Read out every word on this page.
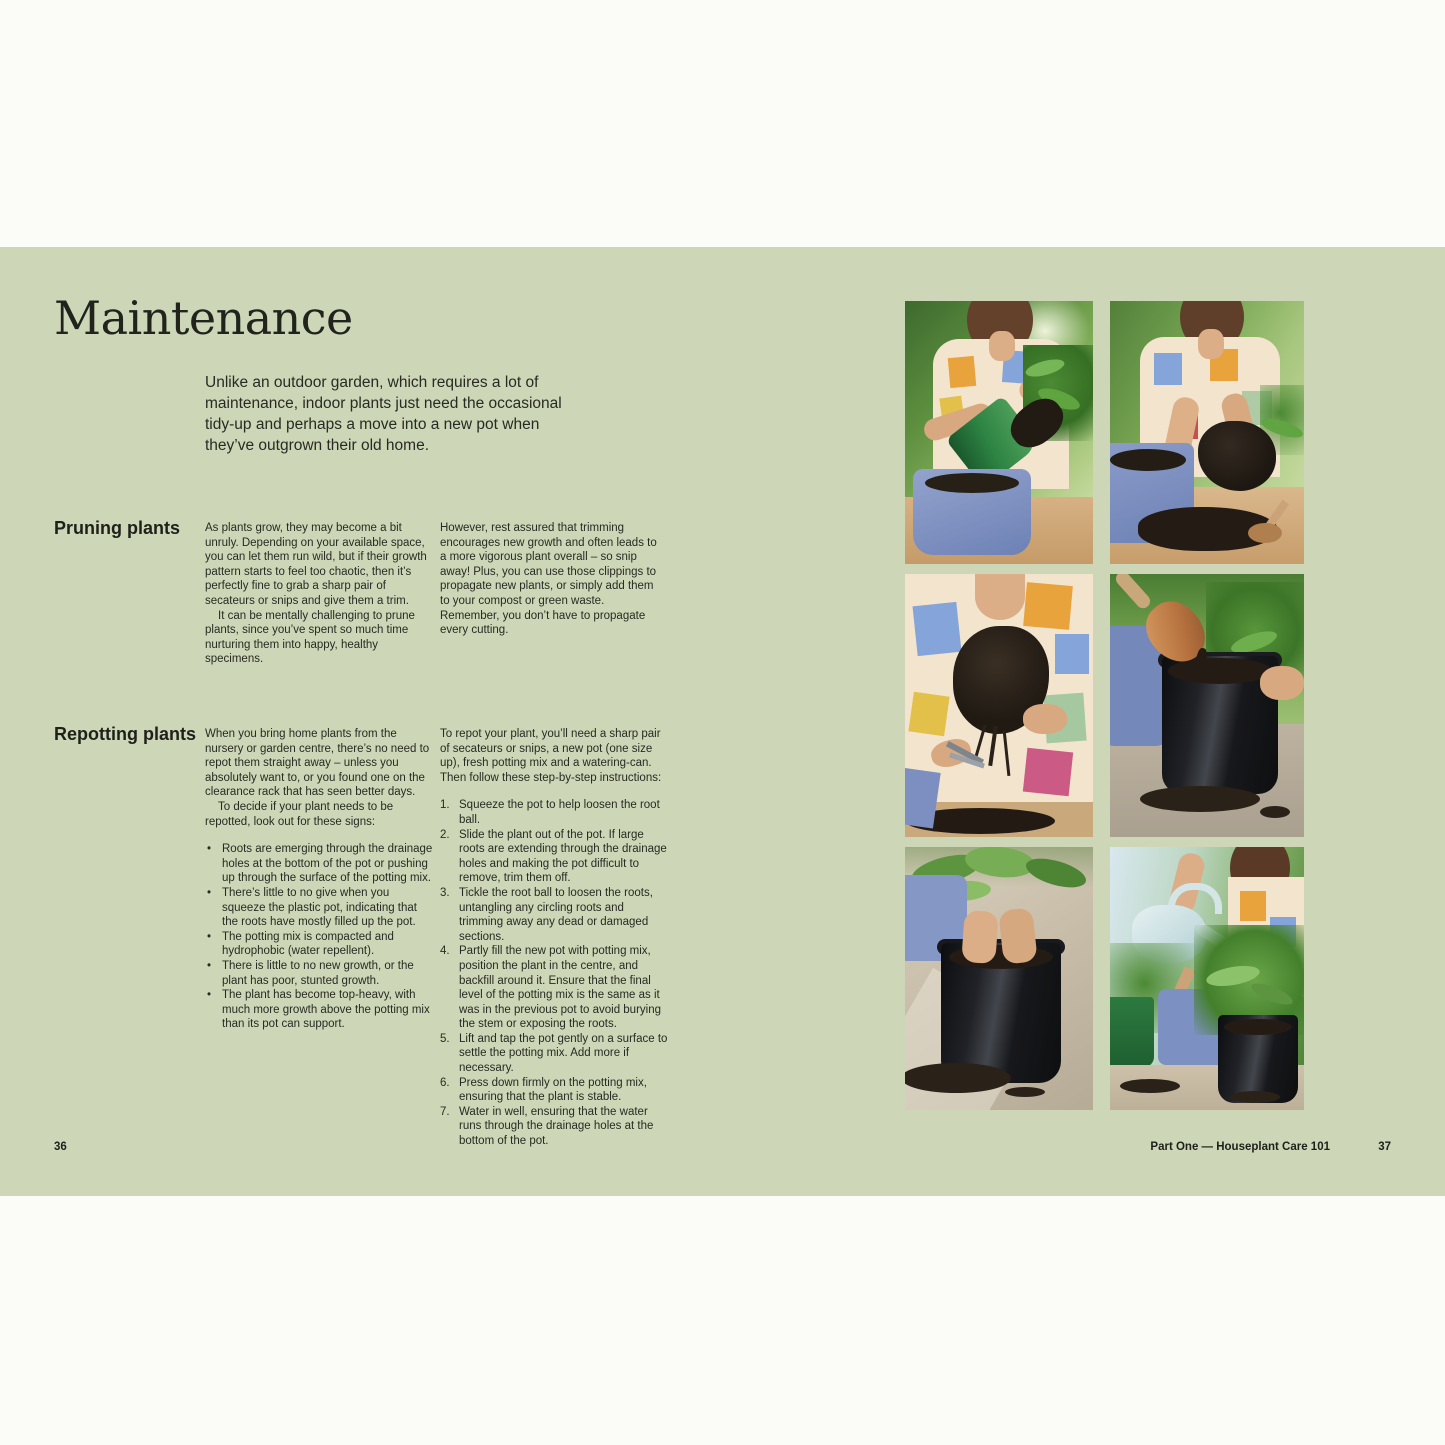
Maintenance
Unlike an outdoor garden, which requires a lot of maintenance, indoor plants just need the occasional tidy-up and perhaps a move into a new pot when they’ve outgrown their old home.
Pruning plants As plants grow, they may become a bit unruly. Depending on your available space, you can let them run wild, but if their growth pattern starts to feel too chaotic, then it’s perfectly fine to grab a sharp pair of secateurs or snips and give them a trim.

It can be mentally challenging to prune plants, since you’ve spent so much time nurturing them into happy, healthy specimens.

However, rest assured that trimming encourages new growth and often leads to a more vigorous plant overall – so snip away! Plus, you can use those clippings to propagate new plants, or simply add them to your compost or green waste. Remember, you don’t have to propagate every cutting.

Repotting plants When you bring home plants from the nursery or garden centre, there’s no need to repot them straight away – unless you absolutely want to, or you found one on the clearance rack that has seen better days.

To decide if your plant needs to be repotted, look out for these signs:

• Roots are emerging through the drainage holes at the bottom of the pot or pushing up through the surface of the potting mix.
• There’s little to no give when you squeeze the plastic pot, indicating that the roots have mostly filled up the pot.
• The potting mix is compacted and hydrophobic (water repellent).
• There is little to no new growth, or the plant has poor, stunted growth.
• The plant has become top-heavy, with much more growth above the potting mix than its pot can support.

To repot your plant, you’ll need a sharp pair of secateurs or snips, a new pot (one size up), fresh potting mix and a watering-can. Then follow these step-by-step instructions:

Squeeze the pot to help loosen the root ball.
Slide the plant out of the pot. If large roots are extending through the drainage holes and making the pot difficult to remove, trim them off.
Tickle the root ball to loosen the roots, untangling any circling roots and trimming away any dead or damaged sections.
Partly fill the new pot with potting mix, position the plant in the centre, and backfill around it. Ensure that the final level of the potting mix is the same as it was in the previous pot to avoid burying the stem or exposing the roots.
Lift and tap the pot gently on a surface to settle the potting mix. Add more if necessary.
Press down firmly on the potting mix, ensuring that the plant is stable.
Water in well, ensuring that the water runs through the drainage holes at the bottom of the pot.
36	Part One — Houseplant Care 101	37
